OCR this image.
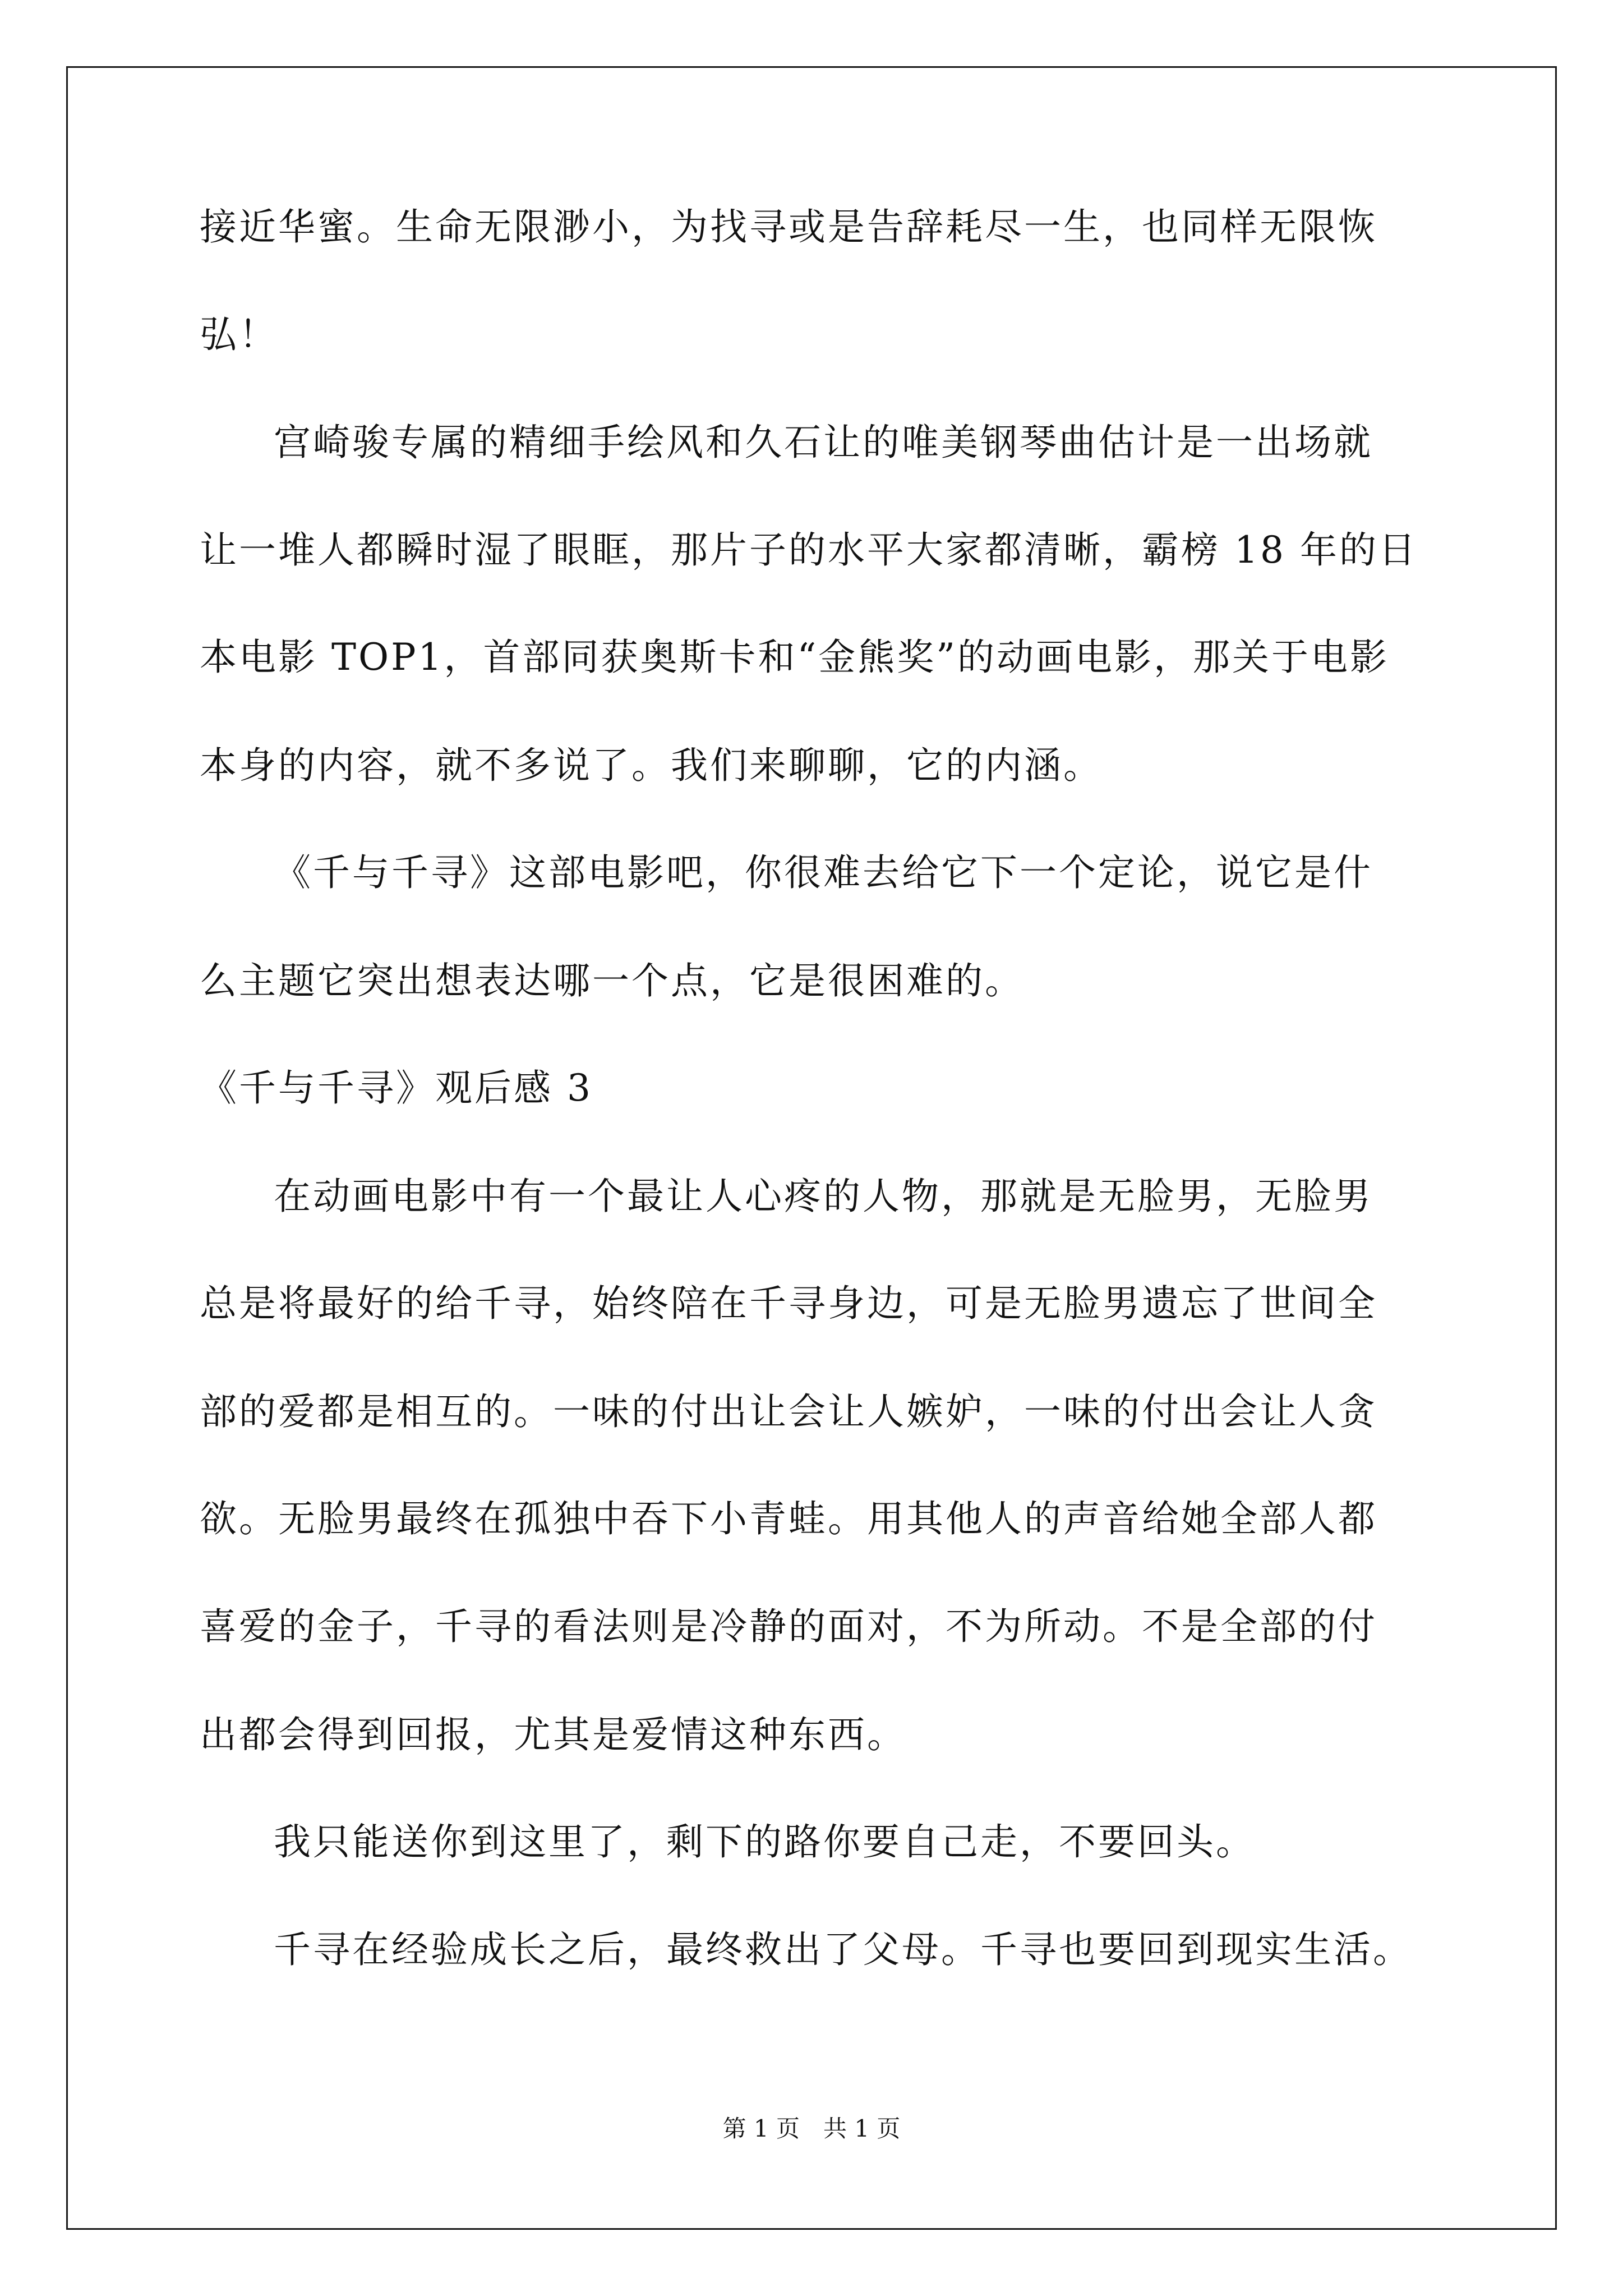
接近华蜜。生命无限渺小，为找寻或是告辞耗尽一生，也同样无限恢
弘！
宫崎骏专属的精细手绘风和久石让的唯美钢琴曲估计是一出场就
让一堆人都瞬时湿了眼眶，那片子的水平大家都清晰，霸榜 18 年的日
本电影 TOP1，首部同获奥斯卡和“金熊奖”的动画电影，那关于电影
本身的内容，就不多说了。我们来聊聊，它的内涵。
《千与千寻》这部电影吧，你很难去给它下一个定论，说它是什
么主题它突出想表达哪一个点，它是很困难的。
《千与千寻》观后感 3
在动画电影中有一个最让人心疼的人物，那就是无脸男，无脸男
总是将最好的给千寻，始终陪在千寻身边，可是无脸男遗忘了世间全
部的爱都是相互的。一味的付出让会让人嫉妒，一味的付出会让人贪
欲。无脸男最终在孤独中吞下小青蛙。用其他人的声音给她全部人都
喜爱的金子，千寻的看法则是冷静的面对，不为所动。不是全部的付
出都会得到回报，尤其是爱情这种东西。
我只能送你到这里了，剩下的路你要自己走，不要回头。
千寻在经验成长之后，最终救出了父母。千寻也要回到现实生活。
第 1 页　共 1 页
